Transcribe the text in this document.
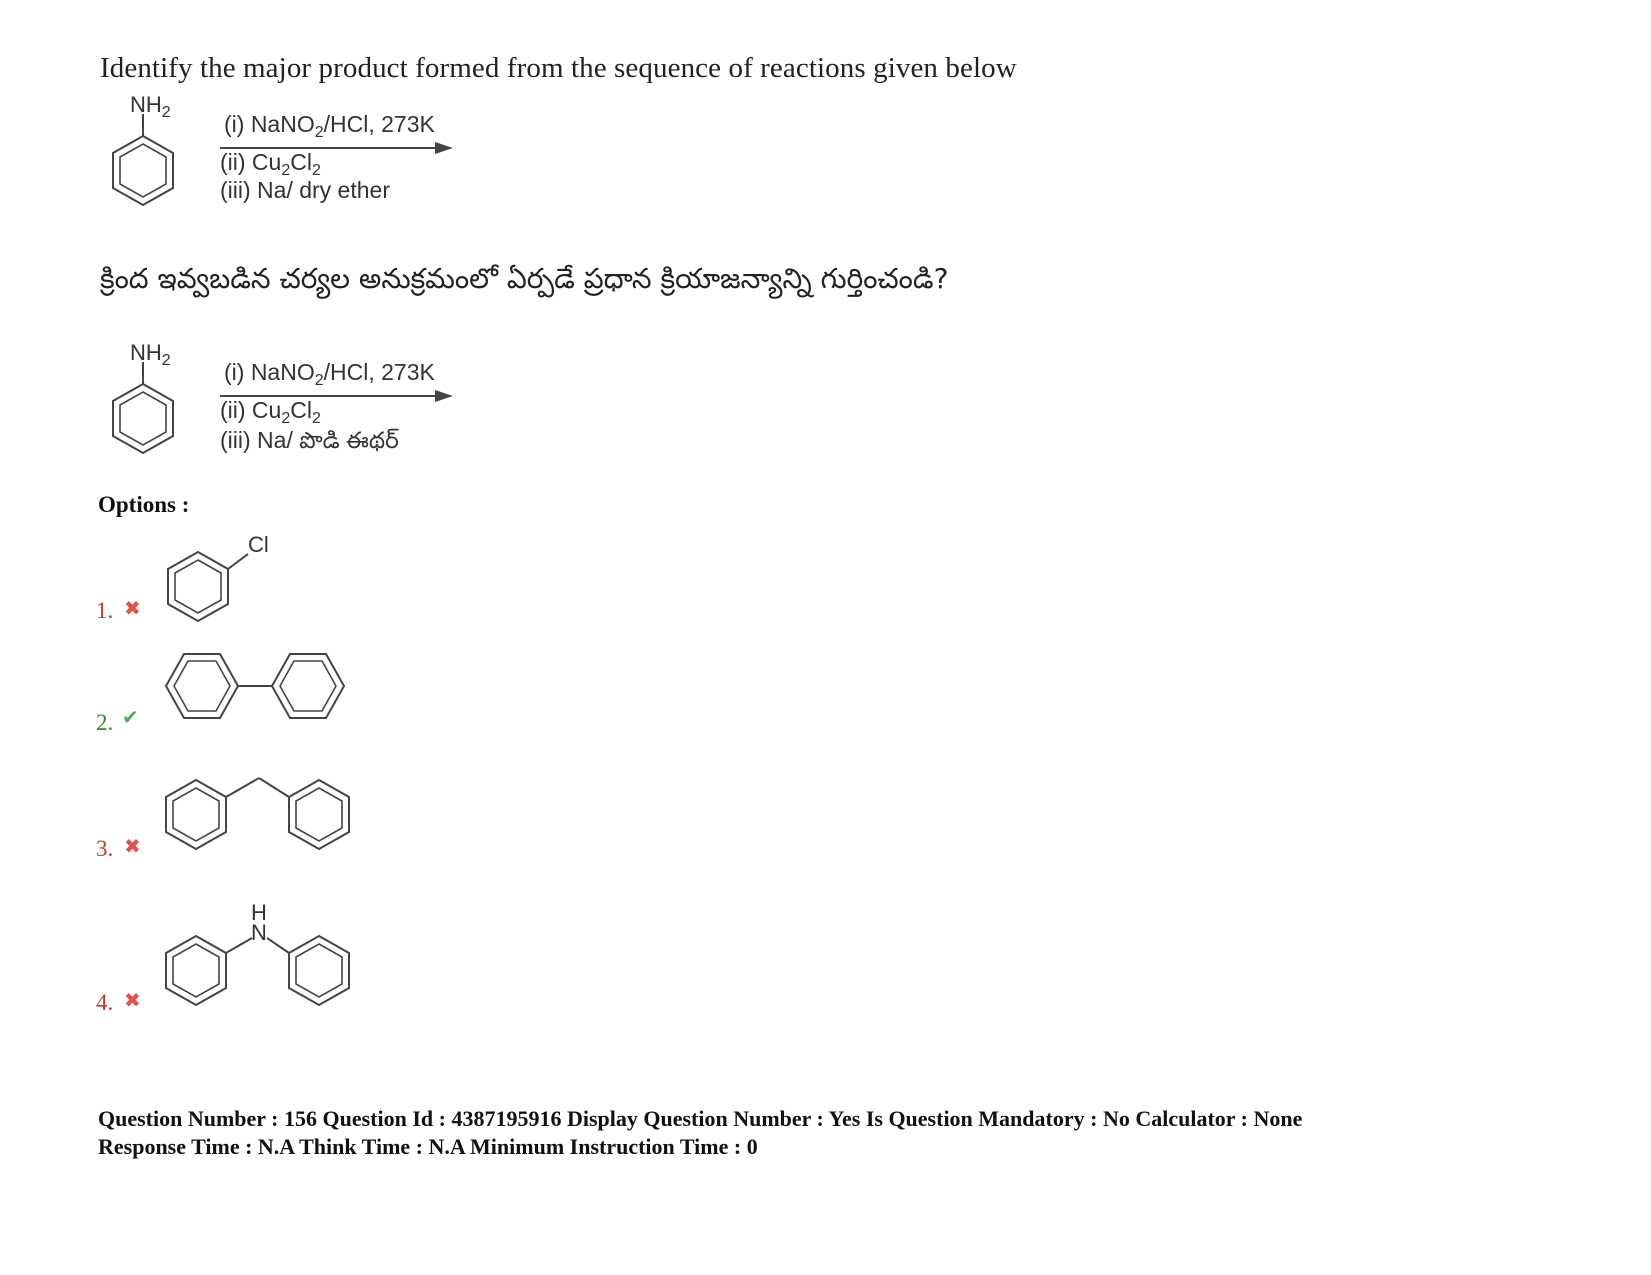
Identify the major product formed from the sequence of reactions given below
$NH_2$ (i) NaNO$_2$/HCl, 273K
(ii) $Cu_2Cl_2$
(iii) Na/ dry ether
క్రింద ఇవ్వబడిన చర్యల అనుక్రమంలో ఏర్పడే ప్రధాన క్రియాజన్యాన్ని గుర్తించండి?
$NH_2$ (i) NaNO$_2$/HCl, 273K
(ii) $Cu_2Cl_2$
(iii) Na/ పొడి ఈథర్
Options :
1. ✖
Cl
2. ✔
3. ✖
4. ✖
H
N
Question Number : 156 Question Id : 4387195916 Display Question Number : Yes Is Question Mandatory : No Calculator : None
Response Time : N.A Think Time : N.A Minimum Instruction Time : 0
